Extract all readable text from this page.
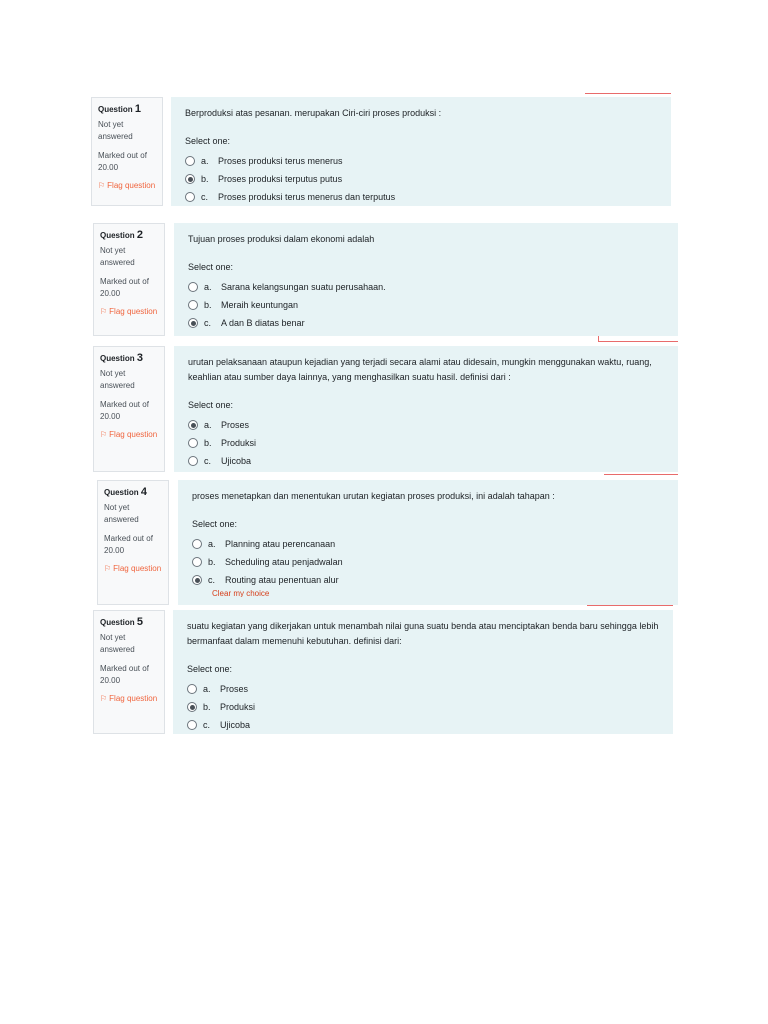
Question 1
Not yet answered
Marked out of 20.00
⚐ Flag question
Berproduksi atas pesanan. merupakan Ciri-ciri proses produksi :
Select one:
a. Proses produksi terus menerus
b. Proses produksi terputus putus
c.	Proses produksi terus menerus dan terputus
Question 2
Not yet answered
Marked out of 20.00
⚐ Flag question
Tujuan proses produksi dalam ekonomi adalah
Select one:
a. Sarana kelangsungan suatu perusahaan.
b. Meraih keuntungan
c.	A dan B diatas benar
Question 3
Not yet answered
Marked out of 20.00
⚐ Flag question
urutan pelaksanaan ataupun kejadian yang terjadi secara alami atau didesain, mungkin menggunakan waktu, ruang, keahlian atau sumber daya lainnya, yang menghasilkan suatu hasil. definisi dari :
Select one:
a. Proses
b. Produksi
c.	Ujicoba
Question 4
Not yet answered
Marked out of 20.00
⚐ Flag question
proses menetapkan dan menentukan urutan kegiatan proses produksi, ini adalah tahapan :
Select one:
a. Planning atau perencanaan
b. Scheduling atau penjadwalan
c.	Routing atau penentuan alur
Clear my choice
Question 5
Not yet answered
Marked out of 20.00
⚐ Flag question
suatu kegiatan yang dikerjakan untuk menambah nilai guna suatu benda atau menciptakan benda baru sehingga lebih bermanfaat dalam memenuhi kebutuhan. definisi dari:
Select one:
a. Proses
b. Produksi
c.	Ujicoba
